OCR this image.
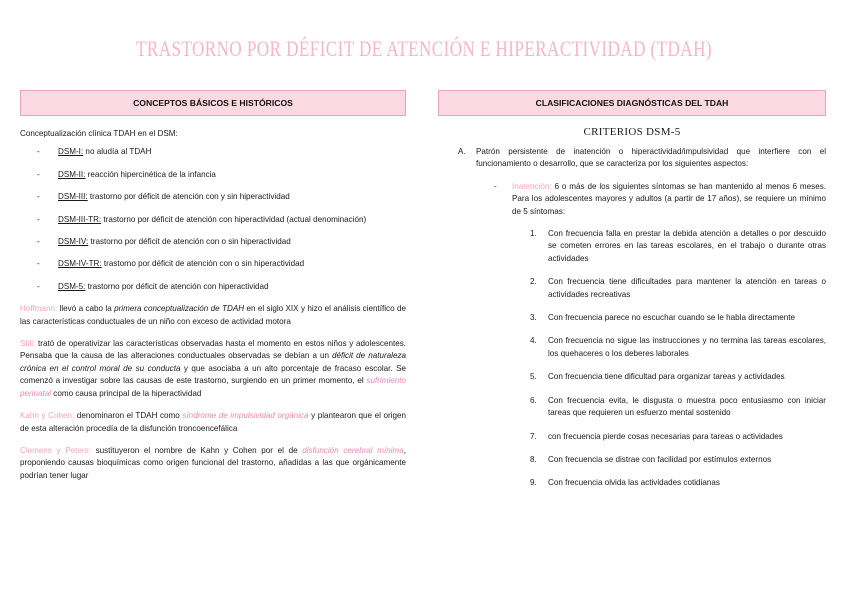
TRASTORNO POR DÉFICIT DE ATENCIÓN E HIPERACTIVIDAD (TDAH)
CONCEPTOS BÁSICOS E HISTÓRICOS
Conceptualización clínica TDAH en el DSM:
- DSM-I: no aludía al TDAH
- DSM-II: reacción hipercinética de la infancia
- DSM-III: trastorno por déficit de atención con y sin hiperactividad
- DSM-III-TR: trastorno por déficit de atención con hiperactividad (actual denominación)
- DSM-IV: trastorno por déficit de atención con o sin hiperactividad
- DSM-IV-TR: trastorno por déficit de atención con o sin hiperactividad
- DSM-5: trastorno por déficit de atención con hiperactividad
Hoffmann: llevó a cabo la primera conceptualización de TDAH en el siglo XIX y hizo el análisis científico de las características conductuales de un niño con exceso de actividad motora
Still: trató de operativizar las características observadas hasta el momento en estos niños y adolescentes. Pensaba que la causa de las alteraciones conductuales observadas se debían a un déficit de naturaleza crónica en el control moral de su conducta y que asociaba a un alto porcentaje de fracaso escolar. Se comenzó a investigar sobre las causas de este trastorno, surgiendo en un primer momento, el sufrimiento perinatal como causa principal de la hiperactividad
Kahn y Cohen: denominaron el TDAH como síndrome de impulsividad orgánica y plantearon que el origen de esta alteración procedía de la disfunción troncoencefálica
Clemens y Peters: sustituyeron el nombre de Kahn y Cohen por el de disfunción cerebral mínima, proponiendo causas bioquímicas como origen funcional del trastorno, añadidas a las que orgánicamente podrían tener lugar
CLASIFICACIONES DIAGNÓSTICAS DEL TDAH
CRITERIOS DSM-5
A. Patrón persistente de inatención o hiperactividad/impulsividad que interfiere con el funcionamiento o desarrollo, que se caracteriza por los siguientes aspectos:
- Inatención: 6 o más de los siguientes síntomas se han mantenido al menos 6 meses. Para los adolescentes mayores y adultos (a partir de 17 años), se requiere un mínimo de 5 síntomas:
1. Con frecuencia falla en prestar la debida atención a detalles o por descuido se cometen errores en las tareas escolares, en el trabajo o durante otras actividades
2. Con frecuencia tiene dificultades para mantener la atención en tareas o actividades recreativas
3. Con frecuencia parece no escuchar cuando se le habla directamente
4. Con frecuencia no sigue las instrucciones y no termina las tareas escolares, los quehaceres o los deberes laborales
5. Con frecuencia tiene dificultad para organizar tareas y actividades
6. Con frecuencia evita, le disgusta o muestra poco entusiasmo con iniciar tareas que requieren un esfuerzo mental sostenido
7. con frecuencia pierde cosas necesarias para tareas o actividades
8. Con frecuencia se distrae con facilidad por estímulos externos
9. Con frecuencia olvida las actividades cotidianas
